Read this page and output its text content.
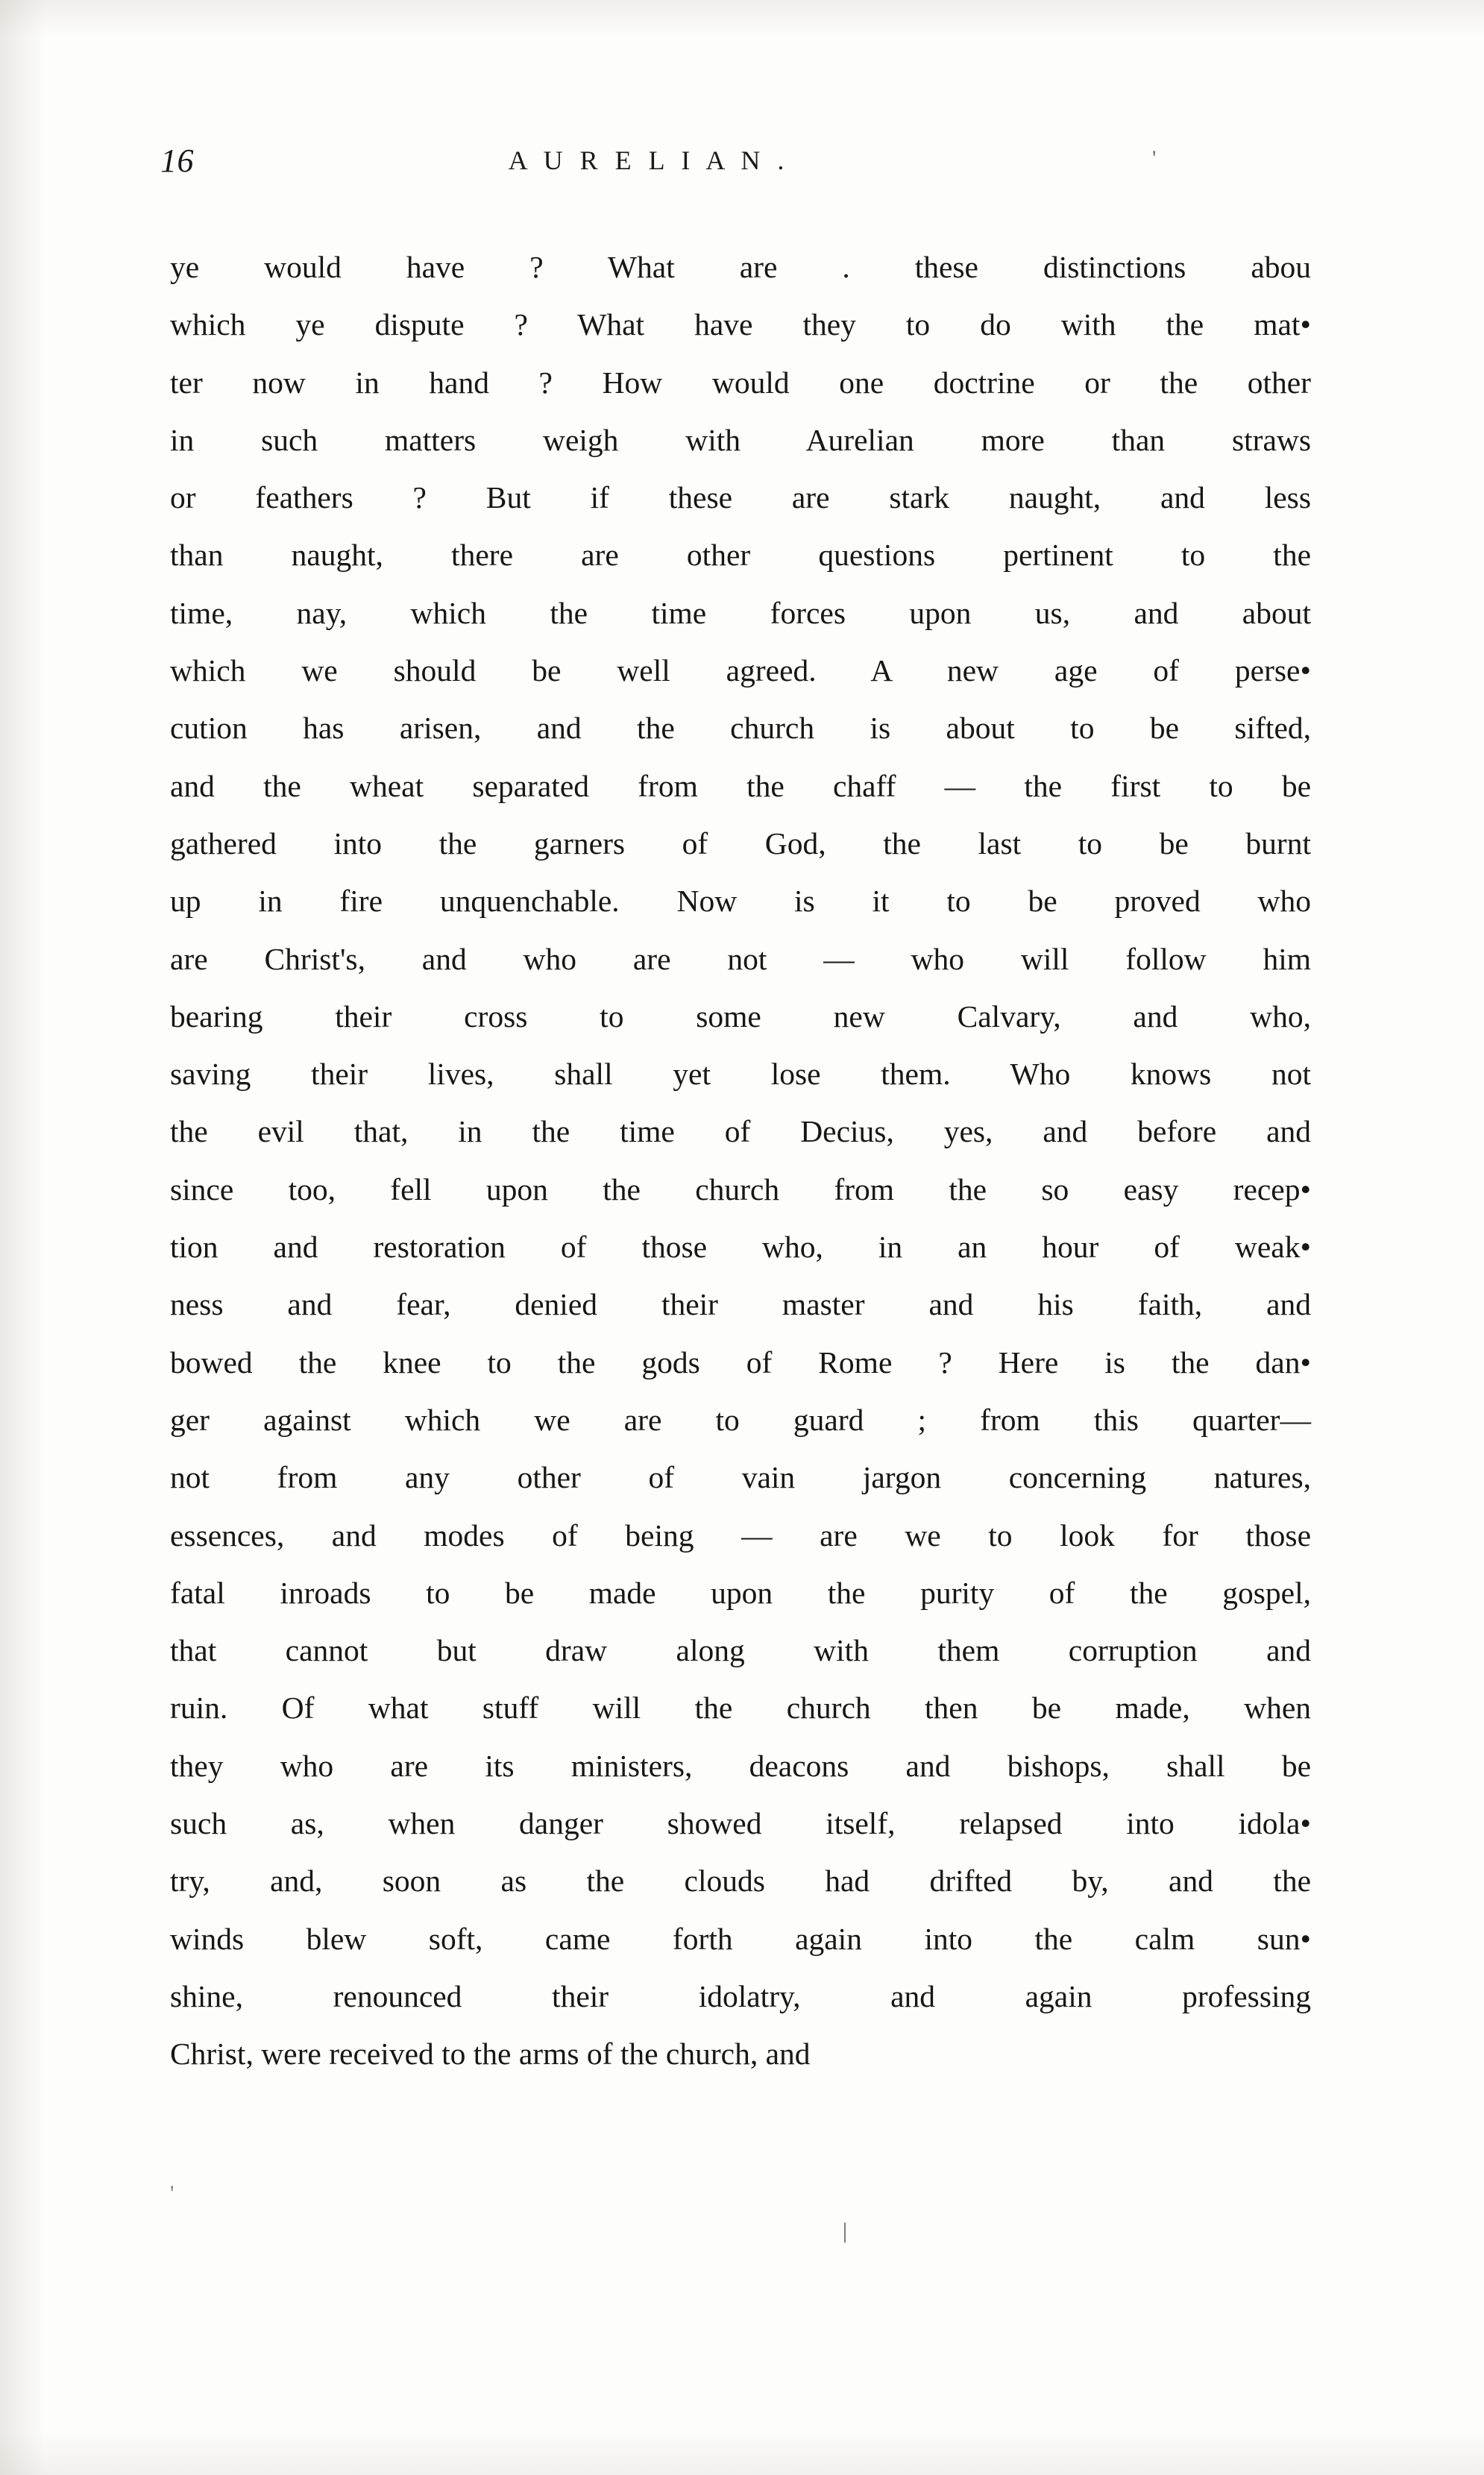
16	A U R E L I A N .	'

ye would have ? What are . these distinctions abou
which ye dispute ? What have they to do with the mat•
ter now in hand ? How would one doctrine or the other
in such matters weigh with Aurelian more than straws
or feathers ? But if these are stark naught, and less
than naught, there are other questions pertinent to the
time, nay, which the time forces upon us, and about
which we should be well agreed. A new age of perse•
cution has arisen, and the church is about to be sifted,
and the wheat separated from the chaff — the first to be
gathered into the garners of God, the last to be burnt
up in fire unquenchable. Now is it to be proved who
are Christ's, and who are not — who will follow him
bearing their cross to some new Calvary, and who,
saving their lives, shall yet lose them. Who knows not
the evil that, in the time of Decius, yes, and before and
since too, fell upon the church from the so easy recep•
tion and restoration of those who, in an hour of weak•
ness and fear, denied their master and his faith, and
bowed the knee to the gods of Rome ? Here is the dan•
ger against which we are to guard ; from this quarter—
not from any other of vain jargon concerning natures,
essences, and modes of being — are we to look for those
fatal inroads to be made upon the purity of the gospel,
that cannot but draw along with them corruption and
ruin. Of what stuff will the church then be made, when
they who are its ministers, deacons and bishops, shall be
such as, when danger showed itself, relapsed into idola•
try, and, soon as the clouds had drifted by, and the
winds blew soft, came forth again into the calm sun•
shine, renounced their idolatry, and again professing
Christ, were received to the arms of the church, and

'
|
